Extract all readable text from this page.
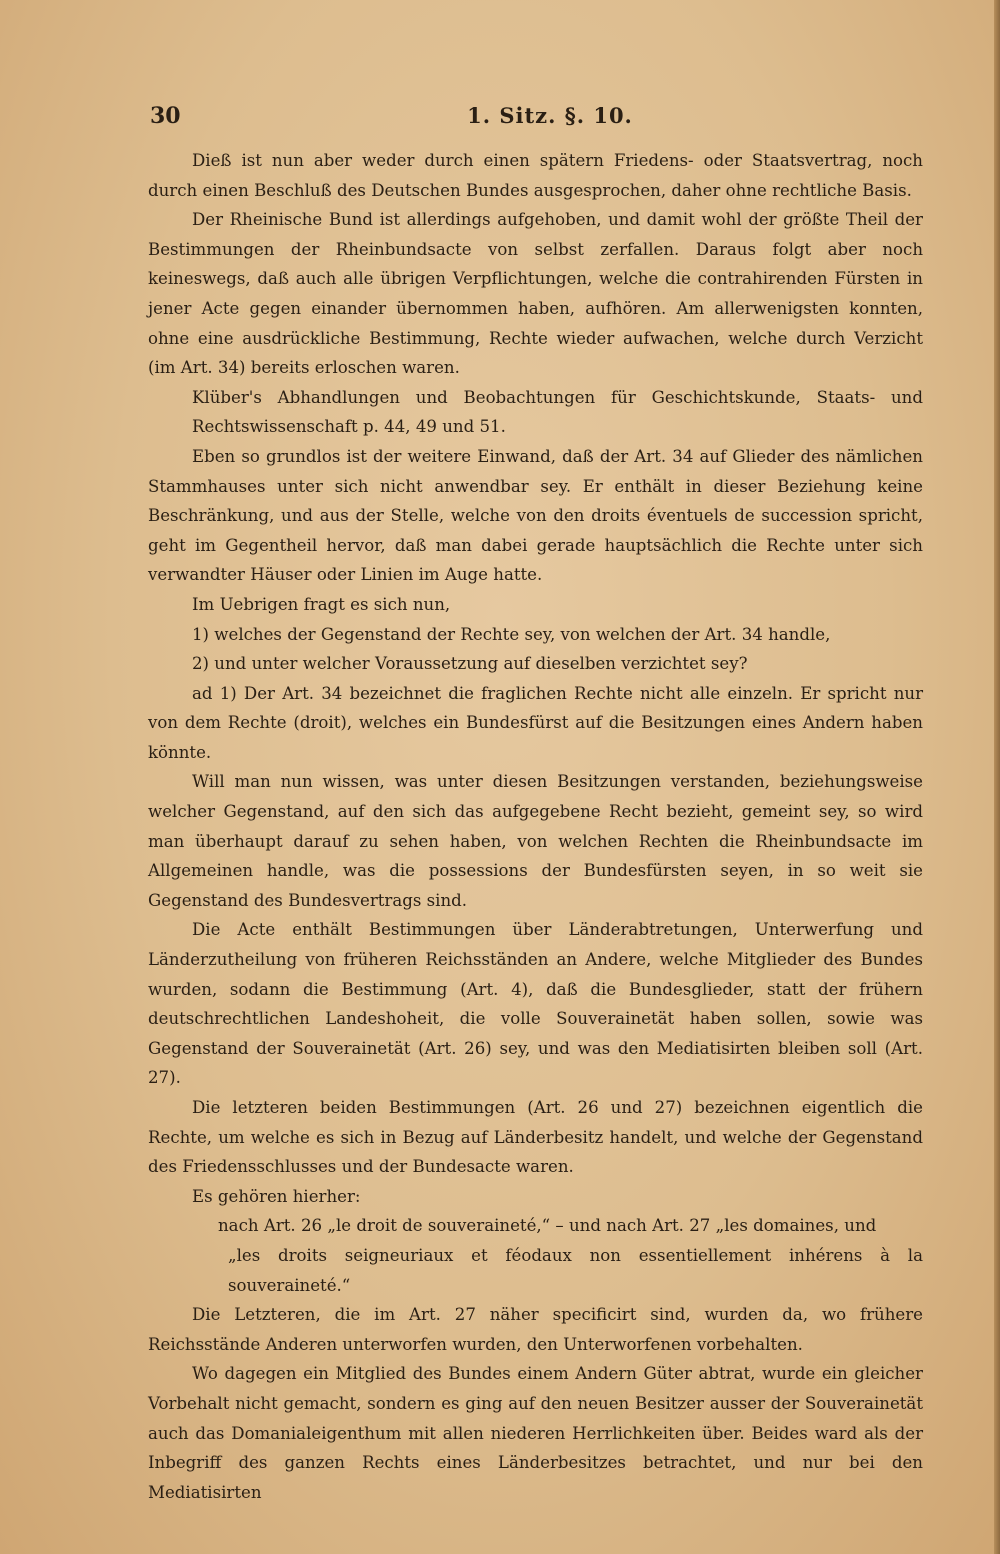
30	1. Sitz. §. 10.

Dieß ist nun aber weder durch einen spätern Friedens- oder Staatsvertrag, noch durch einen Beschluß des Deutschen Bundes ausgesprochen, daher ohne rechtliche Basis.

Der Rheinische Bund ist allerdings aufgehoben, und damit wohl der größte Theil der Bestimmungen der Rheinbundsacte von selbst zerfallen. Daraus folgt aber noch keineswegs, daß auch alle übrigen Verpflichtungen, welche die contrahirenden Fürsten in jener Acte gegen einander übernommen haben, aufhören. Am allerwenigsten konnten, ohne eine ausdrückliche Bestimmung, Rechte wieder aufwachen, welche durch Verzicht (im Art. 34) bereits erloschen waren.

Klüber's Abhandlungen und Beobachtungen für Geschichtskunde, Staats- und Rechtswissenschaft p. 44, 49 und 51.

Eben so grundlos ist der weitere Einwand, daß der Art. 34 auf Glieder des nämlichen Stammhauses unter sich nicht anwendbar sey. Er enthält in dieser Beziehung keine Beschränkung, und aus der Stelle, welche von den droits éventuels de succession spricht, geht im Gegentheil hervor, daß man dabei gerade hauptsächlich die Rechte unter sich verwandter Häuser oder Linien im Auge hatte.

Im Uebrigen fragt es sich nun,

1) welches der Gegenstand der Rechte sey, von welchen der Art. 34 handle,

2) und unter welcher Voraussetzung auf dieselben verzichtet sey?

ad 1) Der Art. 34 bezeichnet die fraglichen Rechte nicht alle einzeln. Er spricht nur von dem Rechte (droit), welches ein Bundesfürst auf die Besitzungen eines Andern haben könnte.

Will man nun wissen, was unter diesen Besitzungen verstanden, beziehungsweise welcher Gegenstand, auf den sich das aufgegebene Recht bezieht, gemeint sey, so wird man überhaupt darauf zu sehen haben, von welchen Rechten die Rheinbundsacte im Allgemeinen handle, was die possessions der Bundesfürsten seyen, in so weit sie Gegenstand des Bundesvertrags sind.

Die Acte enthält Bestimmungen über Länderabtretungen, Unterwerfung und Länderzutheilung von früheren Reichsständen an Andere, welche Mitglieder des Bundes wurden, sodann die Bestimmung (Art. 4), daß die Bundesglieder, statt der frühern deutschrechtlichen Landeshoheit, die volle Souverainetät haben sollen, sowie was Gegenstand der Souverainetät (Art. 26) sey, und was den Mediatisirten bleiben soll (Art. 27).

Die letzteren beiden Bestimmungen (Art. 26 und 27) bezeichnen eigentlich die Rechte, um welche es sich in Bezug auf Länderbesitz handelt, und welche der Gegenstand des Friedensschlusses und der Bundesacte waren.

Es gehören hierher:

nach Art. 26 „le droit de souveraineté,“ – und nach Art. 27 „les domaines, und

„les droits seigneuriaux et féodaux non essentiellement inhérens à la souveraineté.“

Die Letzteren, die im Art. 27 näher specificirt sind, wurden da, wo frühere Reichsstände Anderen unterworfen wurden, den Unterworfenen vorbehalten.

Wo dagegen ein Mitglied des Bundes einem Andern Güter abtrat, wurde ein gleicher Vorbehalt nicht gemacht, sondern es ging auf den neuen Besitzer ausser der Souverainetät auch das Domanialeigenthum mit allen niederen Herrlichkeiten über. Beides ward als der Inbegriff des ganzen Rechts eines Länderbesitzes betrachtet, und nur bei den Mediatisirten
